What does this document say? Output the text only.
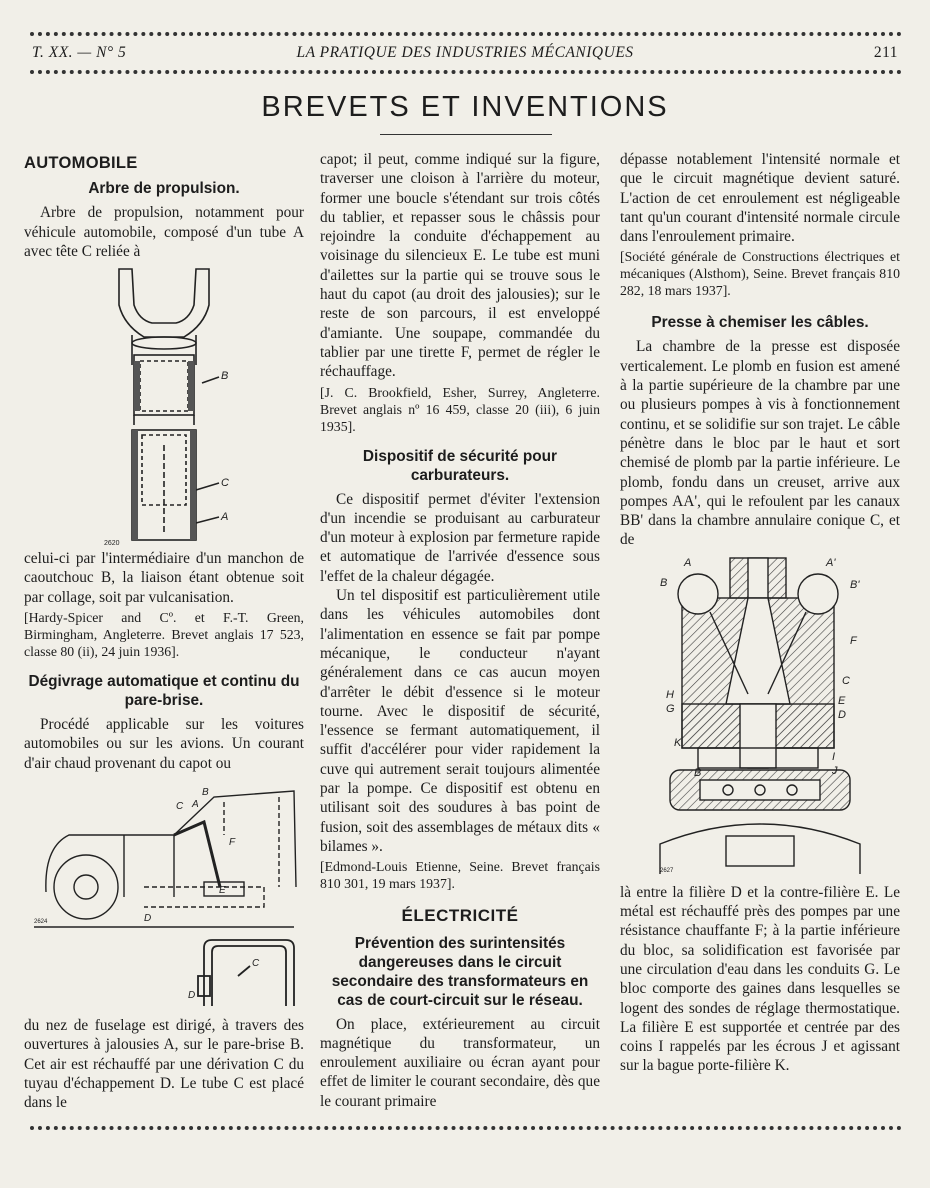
T. XX. — N° 5	LA PRATIQUE DES INDUSTRIES MÉCANIQUES	211
BREVETS ET INVENTIONS
AUTOMOBILE
Arbre de propulsion.

Arbre de propulsion, notamment pour véhicule automobile, composé d'un tube A avec tête C reliée à

B
C
A
2620

celui-ci par l'intermédiaire d'un manchon de caoutchouc B, la liaison étant obtenue soit par collage, soit par vulcanisation.

[Hardy-Spicer and Cº. et F.-T. Green, Birmingham, Angleterre. Brevet anglais 17 523, classe 80 (ii), 24 juin 1936].

Dégivrage automatique et continu du pare-brise.

Procédé applicable sur les voitures automobiles ou sur les avions. Un courant d'air chaud provenant du capot ou

B
C A
F
E
D
2624
C
D

du nez de fuselage est dirigé, à travers des ouvertures à jalousies A, sur le pare-brise B. Cet air est réchauffé par une dérivation C du tuyau d'échappement D. Le tube C est placé dans le

capot; il peut, comme indiqué sur la figure, traverser une cloison à l'arrière du moteur, former une boucle s'étendant sur trois côtés du tablier, et repasser sous le châssis pour rejoindre la conduite d'échappement au voisinage du silencieux E. Le tube est muni d'ailettes sur la partie qui se trouve sous le haut du capot (au droit des jalousies); sur le reste de son parcours, il est enveloppé d'amiante. Une soupape, commandée du tablier par une tirette F, permet de régler le réchauffage.

[J. C. Brookfield, Esher, Surrey, Angleterre. Brevet anglais nº 16 459, classe 20 (iii), 6 juin 1935].

Dispositif de sécurité pour carburateurs.

Ce dispositif permet d'éviter l'extension d'un incendie se produisant au carburateur d'un moteur à explosion par fermeture rapide et automatique de l'arrivée d'essence sous l'effet de la chaleur dégagée.

Un tel dispositif est particulièrement utile dans les véhicules automobiles dont l'alimentation en essence se fait par pompe mécanique, le conducteur n'ayant généralement dans ce cas aucun moyen d'arrêter le débit d'essence si le moteur tourne. Avec le dispositif de sécurité, l'essence se fermant automatiquement, il suffit d'accélérer pour vider rapidement la cuve qui autrement serait toujours alimentée par la pompe. Ce dispositif est obtenu en utilisant soit des soudures à bas point de fusion, soit des assemblages de métaux dits « bilames ».

[Edmond-Louis Etienne, Seine. Brevet français 810 301, 19 mars 1937].

ÉLECTRICITÉ
Prévention des surintensités dangereuses dans le circuit secondaire des transformateurs en cas de court-circuit sur le réseau.

On place, extérieurement au circuit magnétique du transformateur, un enroulement auxiliaire ou écran ayant pour effet de limiter le courant secondaire, dès que le courant primaire

dépasse notablement l'intensité normale et que le circuit magnétique devient saturé. L'action de cet enroulement est négligeable tant qu'un courant d'intensité normale circule dans l'enroulement primaire.

[Société générale de Constructions électriques et mécaniques (Alsthom), Seine. Brevet français 810 282, 18 mars 1937].

Presse à chemiser les câbles.

La chambre de la presse est disposée verticalement. Le plomb en fusion est amené à la partie supérieure de la chambre par une ou plusieurs pompes à vis à fonctionnement continu, et se solidifie sur son trajet. Le câble pénètre dans le bloc par le haut et sort chemisé de plomb par la partie inférieure. Le plomb, fondu dans un creuset, arrive aux pompes AA', qui le refoulent par les canaux BB' dans la chambre annulaire conique C, et de

A	A'
B	B'
F
C
H
G
E
D
K
I
J
B
2627

là entre la filière D et la contre-filière E. Le métal est réchauffé près des pompes par une résistance chauffante F; à la partie inférieure du bloc, sa solidification est favorisée par une circulation d'eau dans les conduits G. Le bloc comporte des gaines dans lesquelles se logent des sondes de réglage thermostatique. La filière E est supportée et centrée par des coins I rappelés par les écrous J et agissant sur la bague porte-filière K.
